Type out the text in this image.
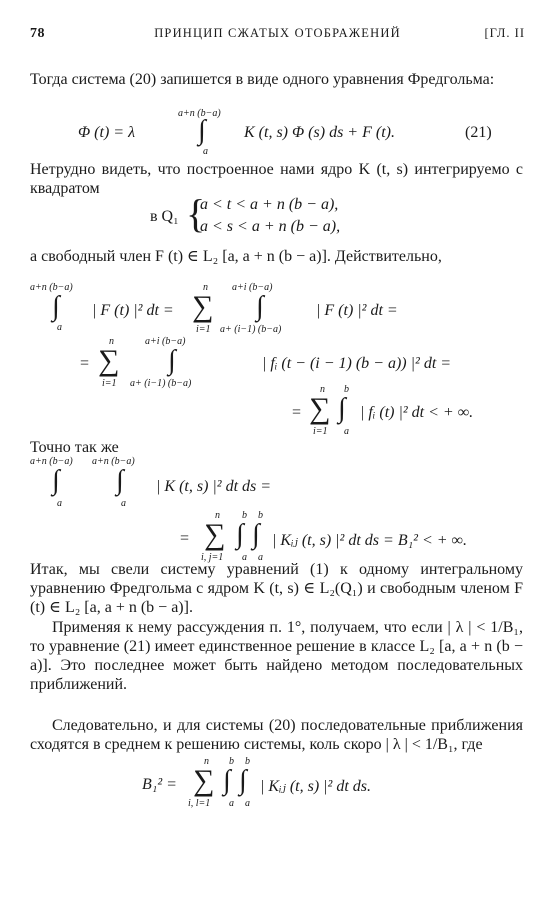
78	ПРИНЦИП СЖАТЫХ ОТОБРАЖЕНИЙ	[ГЛ. II
Тогда система (20) запишется в виде одного уравнения Фредгольма:
a+n (b−a)
Φ (t) = λ ∫
a
K (t, s) Φ (s) ds + F (t).	(21)
Нетрудно видеть, что построенное нами ядро K (t, s) интегрируемо с квадратом
в Q₁ {
a < t < a + n (b − a),
a < s < a + n (b − a),
а свободный член F (t) ∈ L₂ [a, a + n (b − a)]. Действительно,
a+n (b−a)
∫
a
| F (t) |² dt =
n
∑
i=1
a+i (b−a)
∫
a+ (i−1) (b−a)
| F (t) |² dt =
=
n
∑
i=1
a+i (b−a)
∫
a+ (i−1) (b−a)
| fᵢ (t − (i − 1) (b − a)) |² dt =
=
n
∑
i=1
b
∫
a
| fᵢ (t) |² dt < + ∞.
Точно так же
a+n (b−a) a+n (b−a)
∫ ∫
a	a
| K (t, s) |² dt ds =
=
n
∑
i, j=1
b b
∫ ∫
a a
| Kᵢⱼ (t, s) |² dt ds = B₁² < + ∞.
Итак, мы свели систему уравнений (1) к одному интегральному уравнению Фредгольма с ядром K (t, s) ∈ L₂(Q₁) и свободным членом F (t) ∈ L₂ [a, a + n (b − a)].
Применяя к нему рассуждения п. 1°, получаем, что если | λ | < 1/B₁, то уравнение (21) имеет единственное решение в классе L₂ [a, a + n (b − a)]. Это последнее может быть найдено методом последовательных приближений.
Следовательно, и для системы (20) последовательные приближения сходятся в среднем к решению системы, коль скоро | λ | < 1/B₁, где
B₁² =
n
∑
i, l=1
b b
∫ ∫
a a
| Kᵢⱼ (t, s) |² dt ds.
